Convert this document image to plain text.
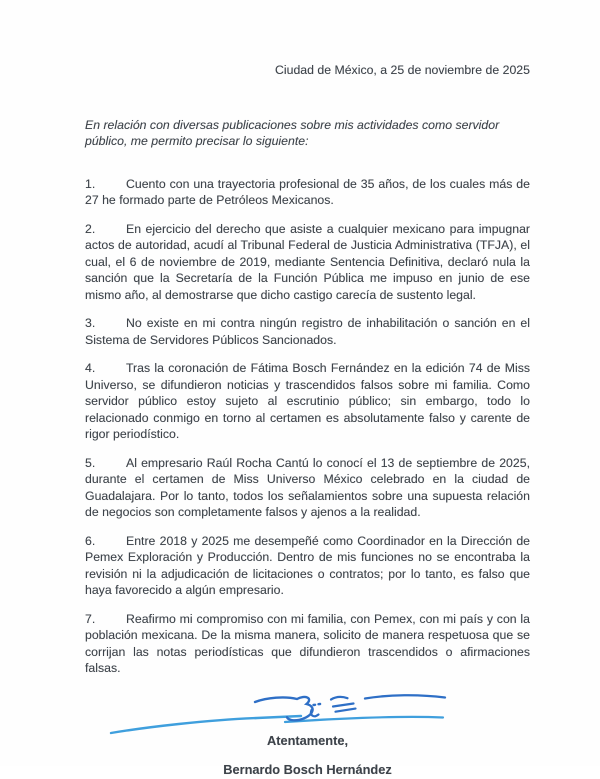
Ciudad de México, a 25 de noviembre de 2025
En relación con diversas publicaciones sobre mis actividades como servidor público, me permito precisar lo siguiente:

1. Cuento con una trayectoria profesional de 35 años, de los cuales más de 27 he formado parte de Petróleos Mexicanos.

2. En ejercicio del derecho que asiste a cualquier mexicano para impugnar actos de autoridad, acudí al Tribunal Federal de Justicia Administrativa (TFJA), el cual, el 6 de noviembre de 2019, mediante Sentencia Definitiva, declaró nula la sanción que la Secretaría de la Función Pública me impuso en junio de ese mismo año, al demostrarse que dicho castigo carecía de sustento legal.

3. No existe en mi contra ningún registro de inhabilitación o sanción en el Sistema de Servidores Públicos Sancionados.

4. Tras la coronación de Fátima Bosch Fernández en la edición 74 de Miss Universo, se difundieron noticias y trascendidos falsos sobre mi familia. Como servidor público estoy sujeto al escrutinio público; sin embargo, todo lo relacionado conmigo en torno al certamen es absolutamente falso y carente de rigor periodístico.

5. Al empresario Raúl Rocha Cantú lo conocí el 13 de septiembre de 2025, durante el certamen de Miss Universo México celebrado en la ciudad de Guadalajara. Por lo tanto, todos los señalamientos sobre una supuesta relación de negocios son completamente falsos y ajenos a la realidad.

6. Entre 2018 y 2025 me desempeñé como Coordinador en la Dirección de Pemex Exploración y Producción. Dentro de mis funciones no se encontraba la revisión ni la adjudicación de licitaciones o contratos; por lo tanto, es falso que haya favorecido a algún empresario.

7. Reafirmo mi compromiso con mi familia, con Pemex, con mi país y con la población mexicana. De la misma manera, solicito de manera respetuosa que se corrijan las notas periodísticas que difundieron trascendidos o afirmaciones falsas.

Atentamente,
Bernardo Bosch Hernández
